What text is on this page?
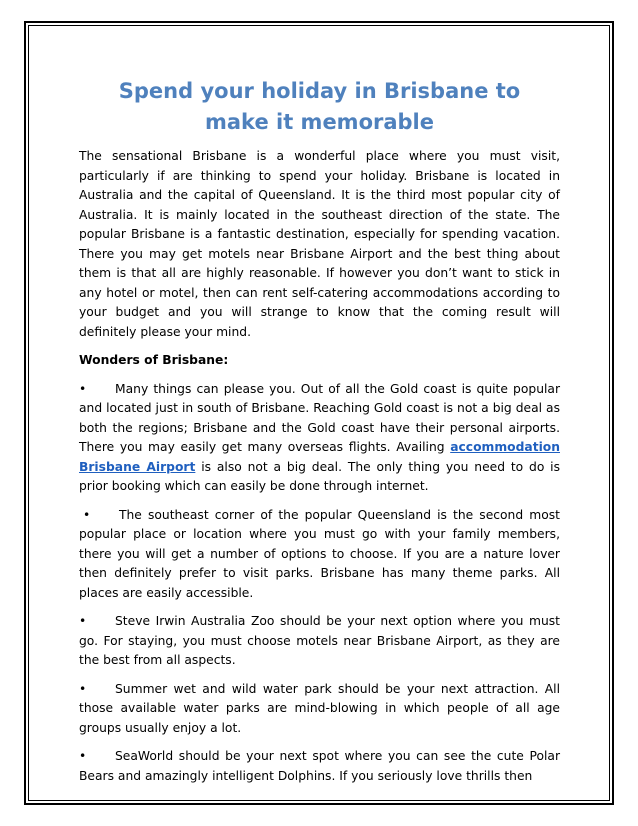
Spend your holiday in Brisbane to
make it memorable

The sensational Brisbane is a wonderful place where you must visit, particularly if are thinking to spend your holiday. Brisbane is located in Australia and the capital of Queensland. It is the third most popular city of Australia. It is mainly located in the southeast direction of the state. The popular Brisbane is a fantastic destination, especially for spending vacation. There you may get motels near Brisbane Airport and the best thing about them is that all are highly reasonable. If however you don’t want to stick in any hotel or motel, then can rent self-catering accommodations according to your budget and you will strange to know that the coming result will definitely please your mind.

Wonders of Brisbane:

• Many things can please you. Out of all the Gold coast is quite popular and located just in south of Brisbane. Reaching Gold coast is not a big deal as both the regions; Brisbane and the Gold coast have their personal airports. There you may easily get many overseas flights. Availing accommodation Brisbane Airport is also not a big deal. The only thing you need to do is prior booking which can easily be done through internet.

• The southeast corner of the popular Queensland is the second most popular place or location where you must go with your family members, there you will get a number of options to choose. If you are a nature lover then definitely prefer to visit parks. Brisbane has many theme parks. All places are easily accessible.

• Steve Irwin Australia Zoo should be your next option where you must go. For staying, you must choose motels near Brisbane Airport, as they are the best from all aspects.

• Summer wet and wild water park should be your next attraction. All those available water parks are mind-blowing in which people of all age groups usually enjoy a lot.

• SeaWorld should be your next spot where you can see the cute Polar Bears and amazingly intelligent Dolphins. If you seriously love thrills then
